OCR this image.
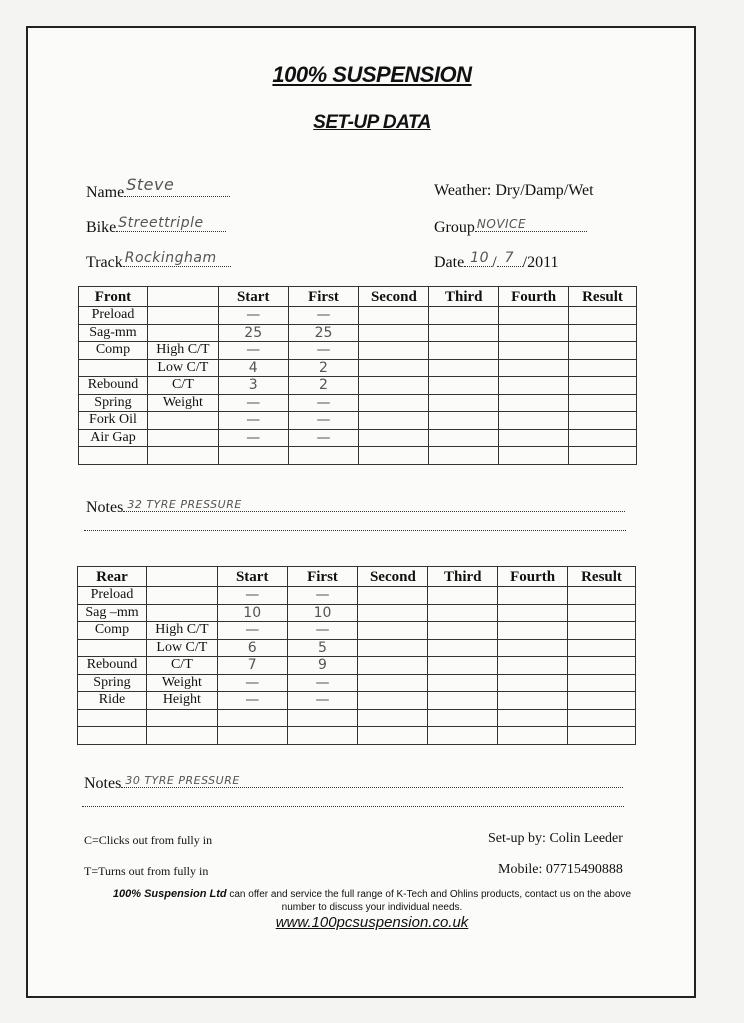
100% SUSPENSION
SET-UP DATA
Name Steve
Bike Streettriple
Track Rockingham
Weather: Dry/Damp/Wet
Group NOVICE
Date 10 / 7 /2011
Front		Start	First	Second	Third	Fourth	Result
Preload		—	—				
Sag-mm		25	25				
Comp	High C/T	—	—				
	Low C/T	4	2				
Rebound	C/T	3	2				
Spring	Weight	—	—				
Fork Oil		—	—				
Air Gap		—	—				

Notes 32 TYRE PRESSURE
Rear		Start	First	Second	Third	Fourth	Result
Preload		—	—				
Sag –mm		10	10				
Comp	High C/T	—	—				
	Low C/T	6	5				
Rebound	C/T	7	9				
Spring	Weight	—	—				
Ride	Height	—	—				

Notes 30 TYRE PRESSURE
C=Clicks out from fully in
T=Turns out from fully in
Set-up by: Colin Leeder
Mobile: 07715490888
100% Suspension Ltd can offer and service the full range of K-Tech and Ohlins products, contact us on the above
number to discuss your individual needs.
www.100pcsuspension.co.uk
